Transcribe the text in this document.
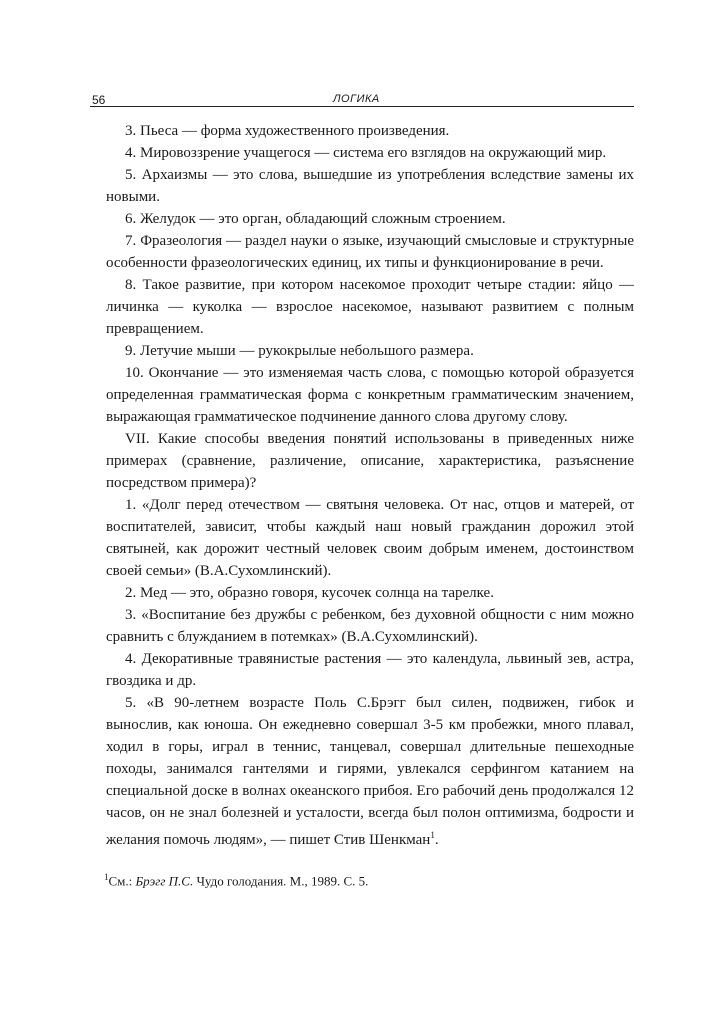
56	ЛОГИКА

3. Пьеса — форма художественного произведения.

4. Мировоззрение учащегося — система его взглядов на окружающий мир.

5. Архаизмы — это слова, вышедшие из употребления вследствие замены их новыми.

6. Желудок — это орган, обладающий сложным строением.

7. Фразеология — раздел науки о языке, изучающий смысловые и структурные особенности фразеологических единиц, их типы и функционирование в речи.

8. Такое развитие, при котором насекомое проходит четыре стадии: яйцо — личинка — куколка — взрослое насекомое, называют развитием с полным превращением.

9. Летучие мыши — рукокрылые небольшого размера.

10. Окончание — это изменяемая часть слова, с помощью которой образуется определенная грамматическая форма с конкретным грамматическим значением, выражающая грамматическое подчинение данного слова другому слову.

VII. Какие способы введения понятий использованы в приведенных ниже примерах (сравнение, различение, описание, характеристика, разъяснение посредством примера)?

1. «Долг перед отечеством — святыня человека. От нас, отцов и матерей, от воспитателей, зависит, чтобы каждый наш новый гражданин дорожил этой святыней, как дорожит честный человек своим добрым именем, достоинством своей семьи» (В.А.Сухомлинский).

2. Мед — это, образно говоря, кусочек солнца на тарелке.

3. «Воспитание без дружбы с ребенком, без духовной общности с ним можно сравнить с блужданием в потемках» (В.А.Сухомлинский).

4. Декоративные травянистые растения — это календула, львиный зев, астра, гвоздика и др.

5. «В 90-летнем возрасте Поль С.Брэгг был силен, подвижен, гибок и вынослив, как юноша. Он ежедневно совершал 3-5 км пробежки, много плавал, ходил в горы, играл в теннис, танцевал, совершал длительные пешеходные походы, занимался гантелями и гирями, увлекался серфингом катанием на специальной доске в волнах океанского прибоя. Его рабочий день продолжался 12 часов, он не знал болезней и усталости, всегда был полон оптимизма, бодрости и желания помочь людям», — пишет Стив Шенкман$^1$.

$^1$См.: Брэгг П.С. Чудо голодания. М., 1989. С. 5.
